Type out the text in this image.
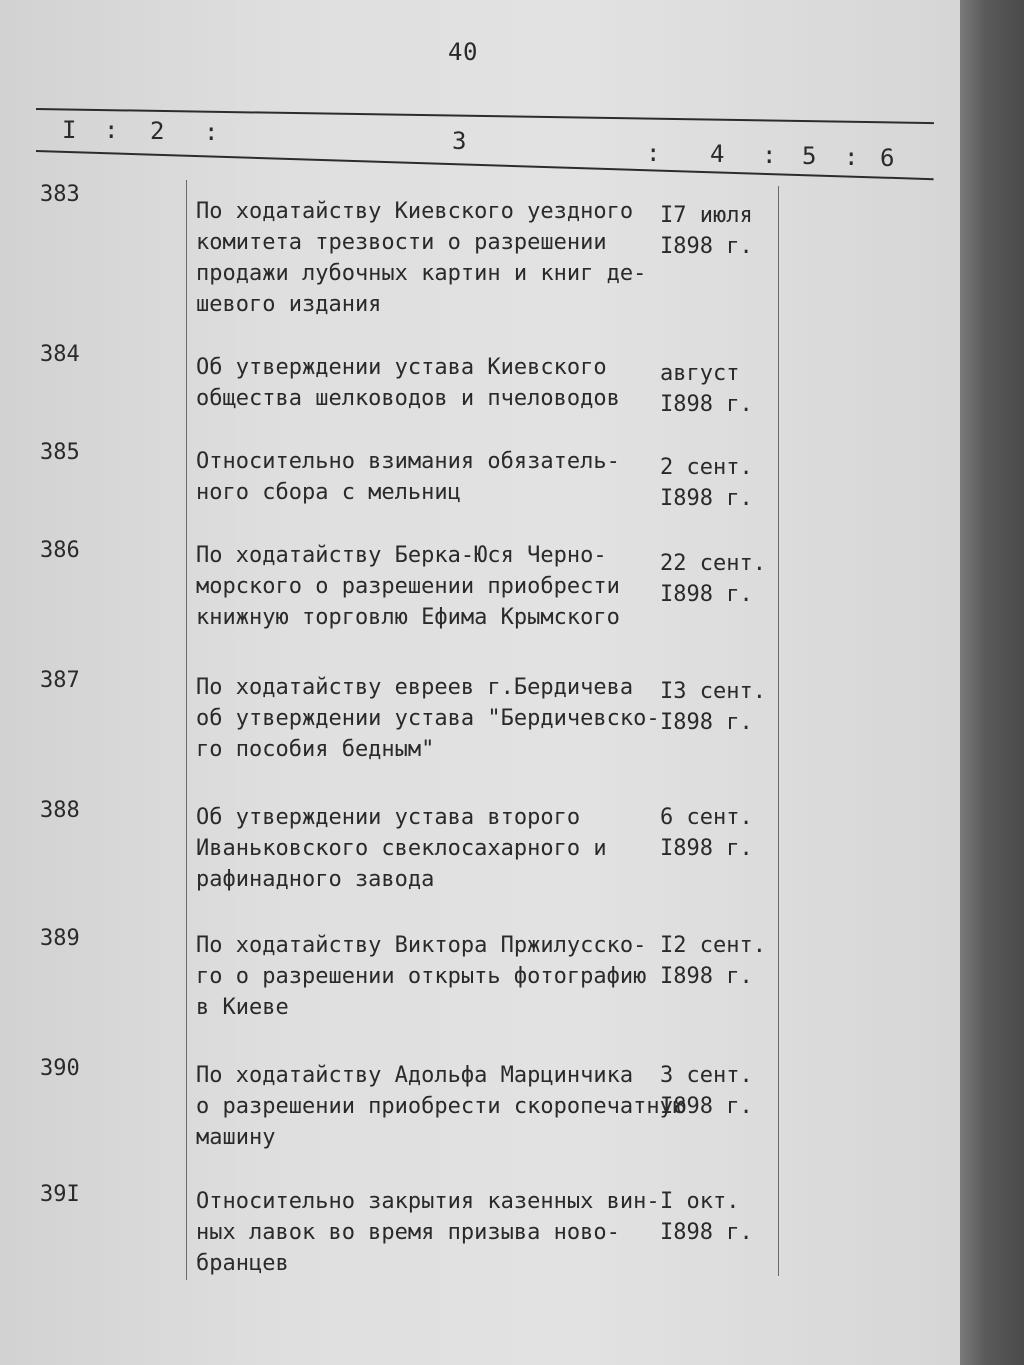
40
I : 2 :	3	: 4 : 5 : 6
383
По ходатайству Киевского уездного
комитета трезвости о разрешении
продажи лубочных картин и книг де-
шевого издания
I7 июля
I898 г.
384
Об утверждении устава Киевского
общества шелководов и пчеловодов
август
I898 г.
385	Относительно взимания обязатель-
ного сбора с мельниц
2 сент.
I898 г.
386	По ходатайству Берка-Юся Черно-
морского о разрешении приобрести
книжную торговлю Ефима Крымского
22 сент.
I898 г.
387	По ходатайству евреев г.Бердичева
об утверждении устава "Бердичевско-
го пособия бедным"
I3 сент.
I898 г.
388	Об утверждении устава второго
Иваньковского свеклосахарного и
рафинадного завода
6 сент.
I898 г.
389	По ходатайству Виктора Пржилусско-
го о разрешении открыть фотографию
в Киеве
I2 сент.
I898 г.
390	По ходатайству Адольфа Марцинчика
о разрешении приобрести скоропечатную
машину
3 сент.
I898 г.
39I	Относительно закрытия казенных вин-
ных лавок во время призыва ново-
бранцев
I окт.
I898 г.
